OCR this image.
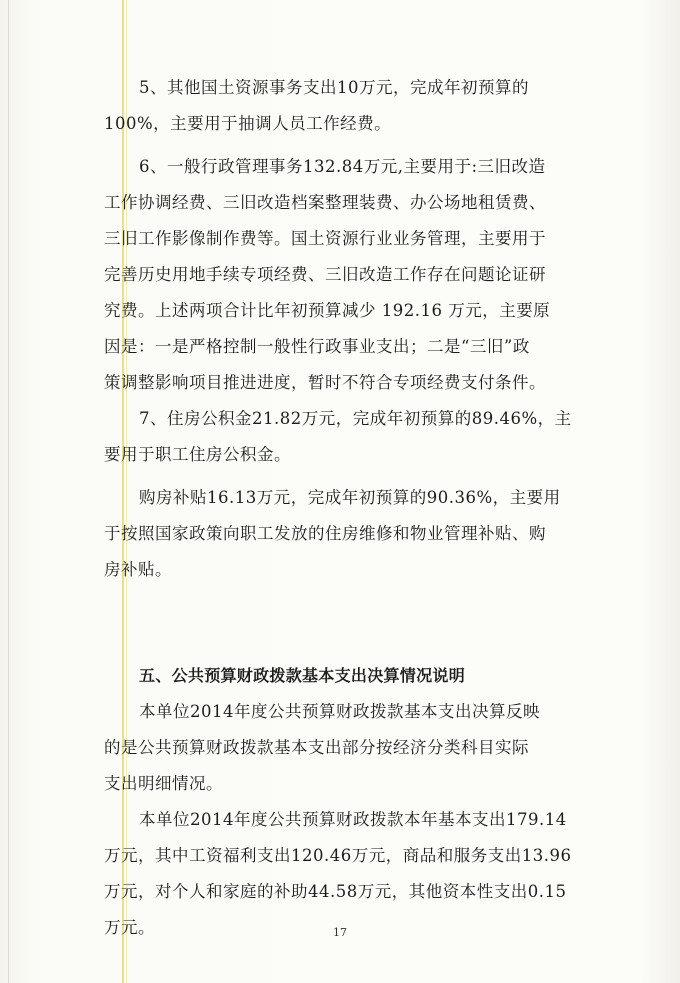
5、其他国土资源事务支出10万元，完成年初预算的
100%，主要用于抽调人员工作经费。

6、一般行政管理事务132.84万元,主要用于:三旧改造
工作协调经费、三旧改造档案整理装费、办公场地租赁费、
三旧工作影像制作费等。国土资源行业业务管理，主要用于
完善历史用地手续专项经费、三旧改造工作存在问题论证研
究费。上述两项合计比年初预算减少 192.16 万元，主要原
因是：一是严格控制一般性行政事业支出；二是“三旧”政
策调整影响项目推进进度，暂时不符合专项经费支付条件。

7、住房公积金21.82万元，完成年初预算的89.46%，主
要用于职工住房公积金。

购房补贴16.13万元，完成年初预算的90.36%，主要用
于按照国家政策向职工发放的住房维修和物业管理补贴、购
房补贴。

五、公共预算财政拨款基本支出决算情况说明

本单位2014年度公共预算财政拨款基本支出决算反映
的是公共预算财政拨款基本支出部分按经济分类科目实际
支出明细情况。

本单位2014年度公共预算财政拨款本年基本支出179.14
万元，其中工资福利支出120.46万元，商品和服务支出13.96
万元，对个人和家庭的补助44.58万元，其他资本性支出0.15
万元。	17
